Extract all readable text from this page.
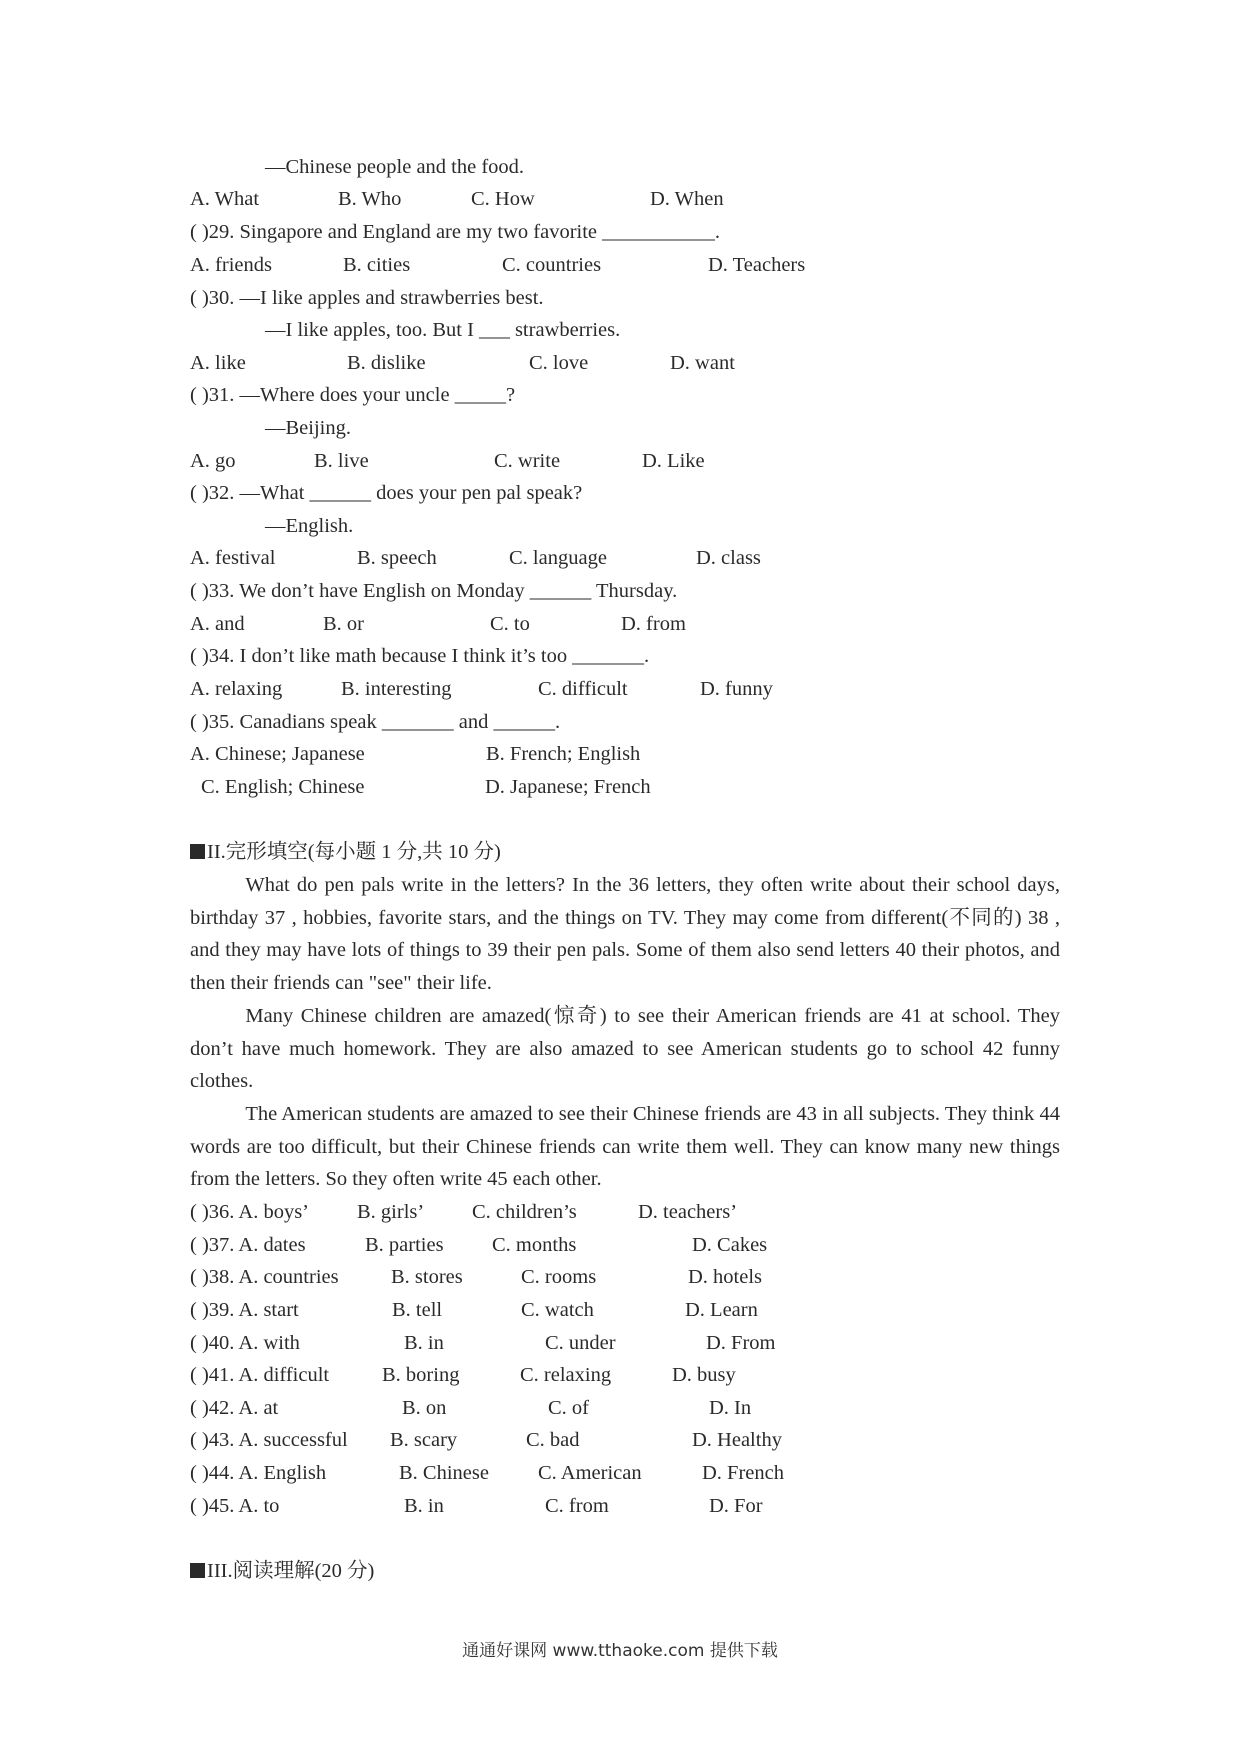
—Chinese people and the food.
A. What	B. Who	C. How	D. When
( )29. Singapore and England are my two favorite ___________.
A. friends	B. cities	C. countries	D. Teachers
( )30. —I like apples and strawberries best.
—I like apples, too. But I ___ strawberries.
A. like	B. dislike	C. love	D. want
( )31. —Where does your uncle _____?
—Beijing.
A. go	B. live	C. write	D. Like
( )32. —What ______ does your pen pal speak?
—English.
A. festival	B. speech	C. language	D. class
( )33. We don’t have English on Monday ______ Thursday.
A. and	B. or	C. to	D. from
( )34. I don’t like math because I think it’s too _______.
A. relaxing	B. interesting	C. difficult	D. funny
( )35. Canadians speak _______ and ______.
A. Chinese; Japanese	B. French; English
C. English; Chinese	D. Japanese; French
II.完形填空(每小题 1 分,共 10 分)
What do pen pals write in the letters? In the 36 letters, they often write about their school days, birthday 37 , hobbies, favorite stars, and the things on TV. They may come from different(不同的) 38 , and they may have lots of things to 39 their pen pals. Some of them also send letters 40 their photos, and then their friends can "see" their life.
Many Chinese children are amazed(惊奇) to see their American friends are 41 at school. They don’t have much homework. They are also amazed to see American students go to school 42 funny clothes.
The American students are amazed to see their Chinese friends are 43 in all subjects. They think 44 words are too difficult, but their Chinese friends can write them well. They can know many new things from the letters. So they often write 45 each other.
( )36. A. boys’ B. girls’ C. children’s	D. teachers’
( )37. A. dates	B. parties C. months	D. Cakes
( )38. A. countries	B. stores	C. rooms	D. hotels
( )39. A. start	B. tell	C. watch	D. Learn
( )40. A. with	B. in	C. under	D. From
( )41. A. difficult	B. boring	C. relaxing	D. busy
( )42. A. at	B. on	C. of	D. In
( )43. A. successful B. scary	C. bad	D. Healthy
( )44. A. English	B. Chinese C. American	D. French
( )45. A. to	B. in	C. from	D. For
III.阅读理解(20 分)
通通好课网 www.tthaoke.com 提供下载
